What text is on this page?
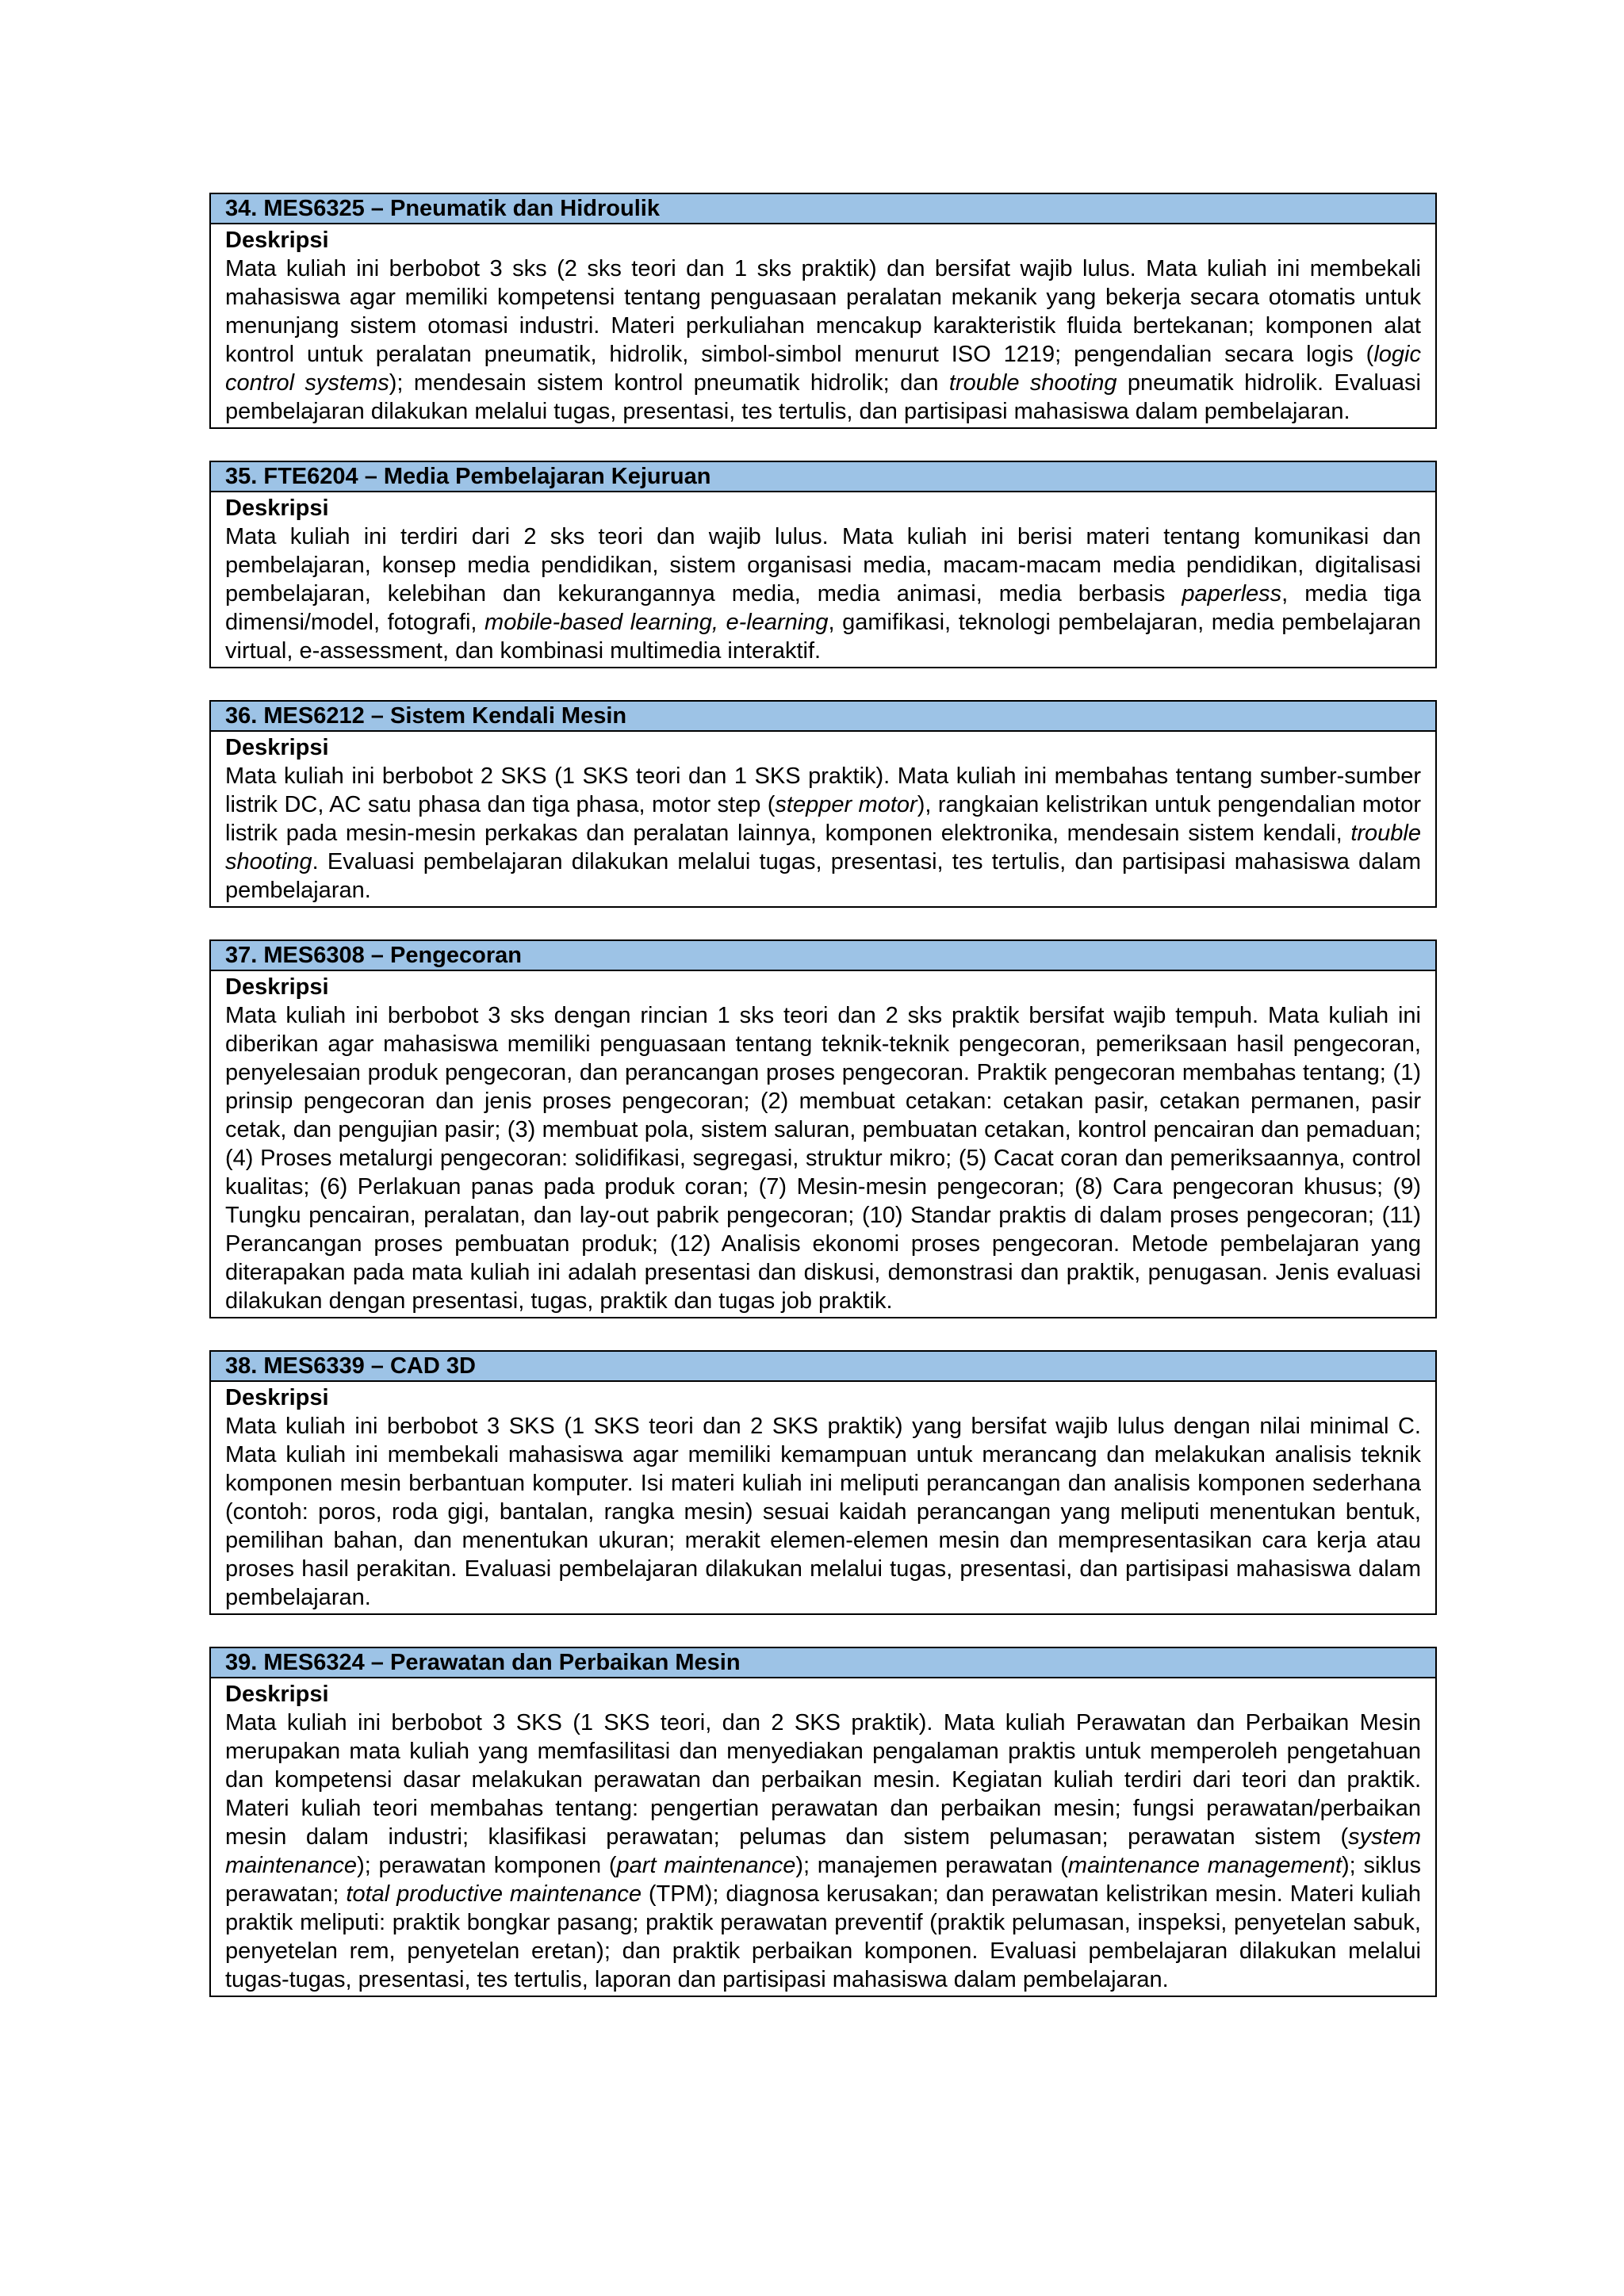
34. MES6325 – Pneumatik dan Hidroulik
Deskripsi

Mata kuliah ini berbobot 3 sks (2 sks teori dan 1 sks praktik) dan bersifat wajib lulus. Mata kuliah ini membekali mahasiswa agar memiliki kompetensi tentang penguasaan peralatan mekanik yang bekerja secara otomatis untuk menunjang sistem otomasi industri. Materi perkuliahan mencakup karakteristik fluida bertekanan; komponen alat kontrol untuk peralatan pneumatik, hidrolik, simbol-simbol menurut ISO 1219; pengendalian secara logis (logic control systems); mendesain sistem kontrol pneumatik hidrolik; dan trouble shooting pneumatik hidrolik. Evaluasi pembelajaran dilakukan melalui tugas, presentasi, tes tertulis, dan partisipasi mahasiswa dalam pembelajaran.

35. FTE6204 – Media Pembelajaran Kejuruan
Deskripsi

Mata kuliah ini terdiri dari 2 sks teori dan wajib lulus. Mata kuliah ini berisi materi tentang komunikasi dan pembelajaran, konsep media pendidikan, sistem organisasi media, macam-macam media pendidikan, digitalisasi pembelajaran, kelebihan dan kekurangannya media, media animasi, media berbasis paperless, media tiga dimensi/model, fotografi, mobile-based learning, e-learning, gamifikasi, teknologi pembelajaran, media pembelajaran virtual, e-assessment, dan kombinasi multimedia interaktif.

36. MES6212 – Sistem Kendali Mesin
Deskripsi

Mata kuliah ini berbobot 2 SKS (1 SKS teori dan 1 SKS praktik). Mata kuliah ini membahas tentang sumber-sumber listrik DC, AC satu phasa dan tiga phasa, motor step (stepper motor), rangkaian kelistrikan untuk pengendalian motor listrik pada mesin-mesin perkakas dan peralatan lainnya, komponen elektronika, mendesain sistem kendali, trouble shooting. Evaluasi pembelajaran dilakukan melalui tugas, presentasi, tes tertulis, dan partisipasi mahasiswa dalam pembelajaran.

37. MES6308 – Pengecoran
Deskripsi

Mata kuliah ini berbobot 3 sks dengan rincian 1 sks teori dan 2 sks praktik bersifat wajib tempuh. Mata kuliah ini diberikan agar mahasiswa memiliki penguasaan tentang teknik-teknik pengecoran, pemeriksaan hasil pengecoran, penyelesaian produk pengecoran, dan perancangan proses pengecoran. Praktik pengecoran membahas tentang; (1) prinsip pengecoran dan jenis proses pengecoran; (2) membuat cetakan: cetakan pasir, cetakan permanen, pasir cetak, dan pengujian pasir; (3) membuat pola, sistem saluran, pembuatan cetakan, kontrol pencairan dan pemaduan; (4) Proses metalurgi pengecoran: solidifikasi, segregasi, struktur mikro; (5) Cacat coran dan pemeriksaannya, control kualitas; (6) Perlakuan panas pada produk coran; (7) Mesin-mesin pengecoran; (8) Cara pengecoran khusus; (9) Tungku pencairan, peralatan, dan lay-out pabrik pengecoran; (10) Standar praktis di dalam proses pengecoran; (11) Perancangan proses pembuatan produk; (12) Analisis ekonomi proses pengecoran. Metode pembelajaran yang diterapakan pada mata kuliah ini adalah presentasi dan diskusi, demonstrasi dan praktik, penugasan. Jenis evaluasi dilakukan dengan presentasi, tugas, praktik dan tugas job praktik.

38. MES6339 – CAD 3D
Deskripsi

Mata kuliah ini berbobot 3 SKS (1 SKS teori dan 2 SKS praktik) yang bersifat wajib lulus dengan nilai minimal C. Mata kuliah ini membekali mahasiswa agar memiliki kemampuan untuk merancang dan melakukan analisis teknik komponen mesin berbantuan komputer. Isi materi kuliah ini meliputi perancangan dan analisis komponen sederhana (contoh: poros, roda gigi, bantalan, rangka mesin) sesuai kaidah perancangan yang meliputi menentukan bentuk, pemilihan bahan, dan menentukan ukuran; merakit elemen-elemen mesin dan mempresentasikan cara kerja atau proses hasil perakitan. Evaluasi pembelajaran dilakukan melalui tugas, presentasi, dan partisipasi mahasiswa dalam pembelajaran.

39. MES6324 – Perawatan dan Perbaikan Mesin
Deskripsi

Mata kuliah ini berbobot 3 SKS (1 SKS teori, dan 2 SKS praktik). Mata kuliah Perawatan dan Perbaikan Mesin merupakan mata kuliah yang memfasilitasi dan menyediakan pengalaman praktis untuk memperoleh pengetahuan dan kompetensi dasar melakukan perawatan dan perbaikan mesin. Kegiatan kuliah terdiri dari teori dan praktik. Materi kuliah teori membahas tentang: pengertian perawatan dan perbaikan mesin; fungsi perawatan/perbaikan mesin dalam industri; klasifikasi perawatan; pelumas dan sistem pelumasan; perawatan sistem (system maintenance); perawatan komponen (part maintenance); manajemen perawatan (maintenance management); siklus perawatan; total productive maintenance (TPM); diagnosa kerusakan; dan perawatan kelistrikan mesin. Materi kuliah praktik meliputi: praktik bongkar pasang; praktik perawatan preventif (praktik pelumasan, inspeksi, penyetelan sabuk, penyetelan rem, penyetelan eretan); dan praktik perbaikan komponen. Evaluasi pembelajaran dilakukan melalui tugas-tugas, presentasi, tes tertulis, laporan dan partisipasi mahasiswa dalam pembelajaran.
